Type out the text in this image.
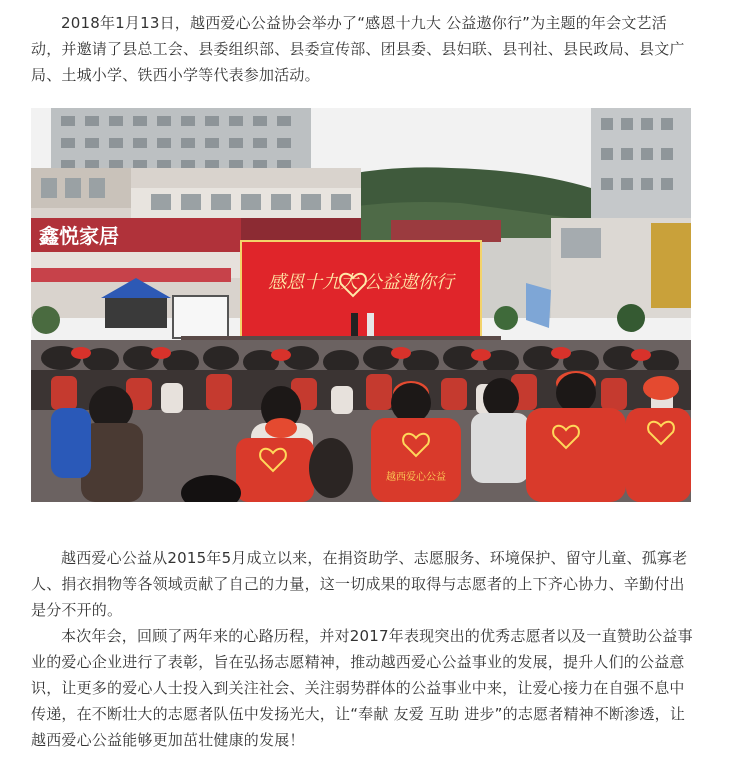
2018年1月13日，越西爱心公益协会举办了“感恩十九大 公益遨你行”为主题的年会文艺活动，并邀请了县总工会、县委组织部、县委宣传部、团县委、县妇联、县刊社、县民政局、县文广局、土城小学、铁西小学等代表参加活动。

鑫悦家居
感恩十九大 公益遨你行
越西爱心公益

越西爱心公益从2015年5月成立以来，在捐资助学、志愿服务、环境保护、留守儿童、孤寡老人、捐衣捐物等各领域贡献了自己的力量，这一切成果的取得与志愿者的上下齐心协力、辛勤付出是分不开的。

本次年会，回顾了两年来的心路历程，并对2017年表现突出的优秀志愿者以及一直赞助公益事业的爱心企业进行了表彰，旨在弘扬志愿精神，推动越西爱心公益事业的发展，提升人们的公益意识，让更多的爱心人士投入到关注社会、关注弱势群体的公益事业中来，让爱心接力在自强不息中传递，在不断壮大的志愿者队伍中发扬光大，让“奉献 友爱 互助 进步”的志愿者精神不断渗透，让越西爱心公益能够更加茁壮健康的发展！
